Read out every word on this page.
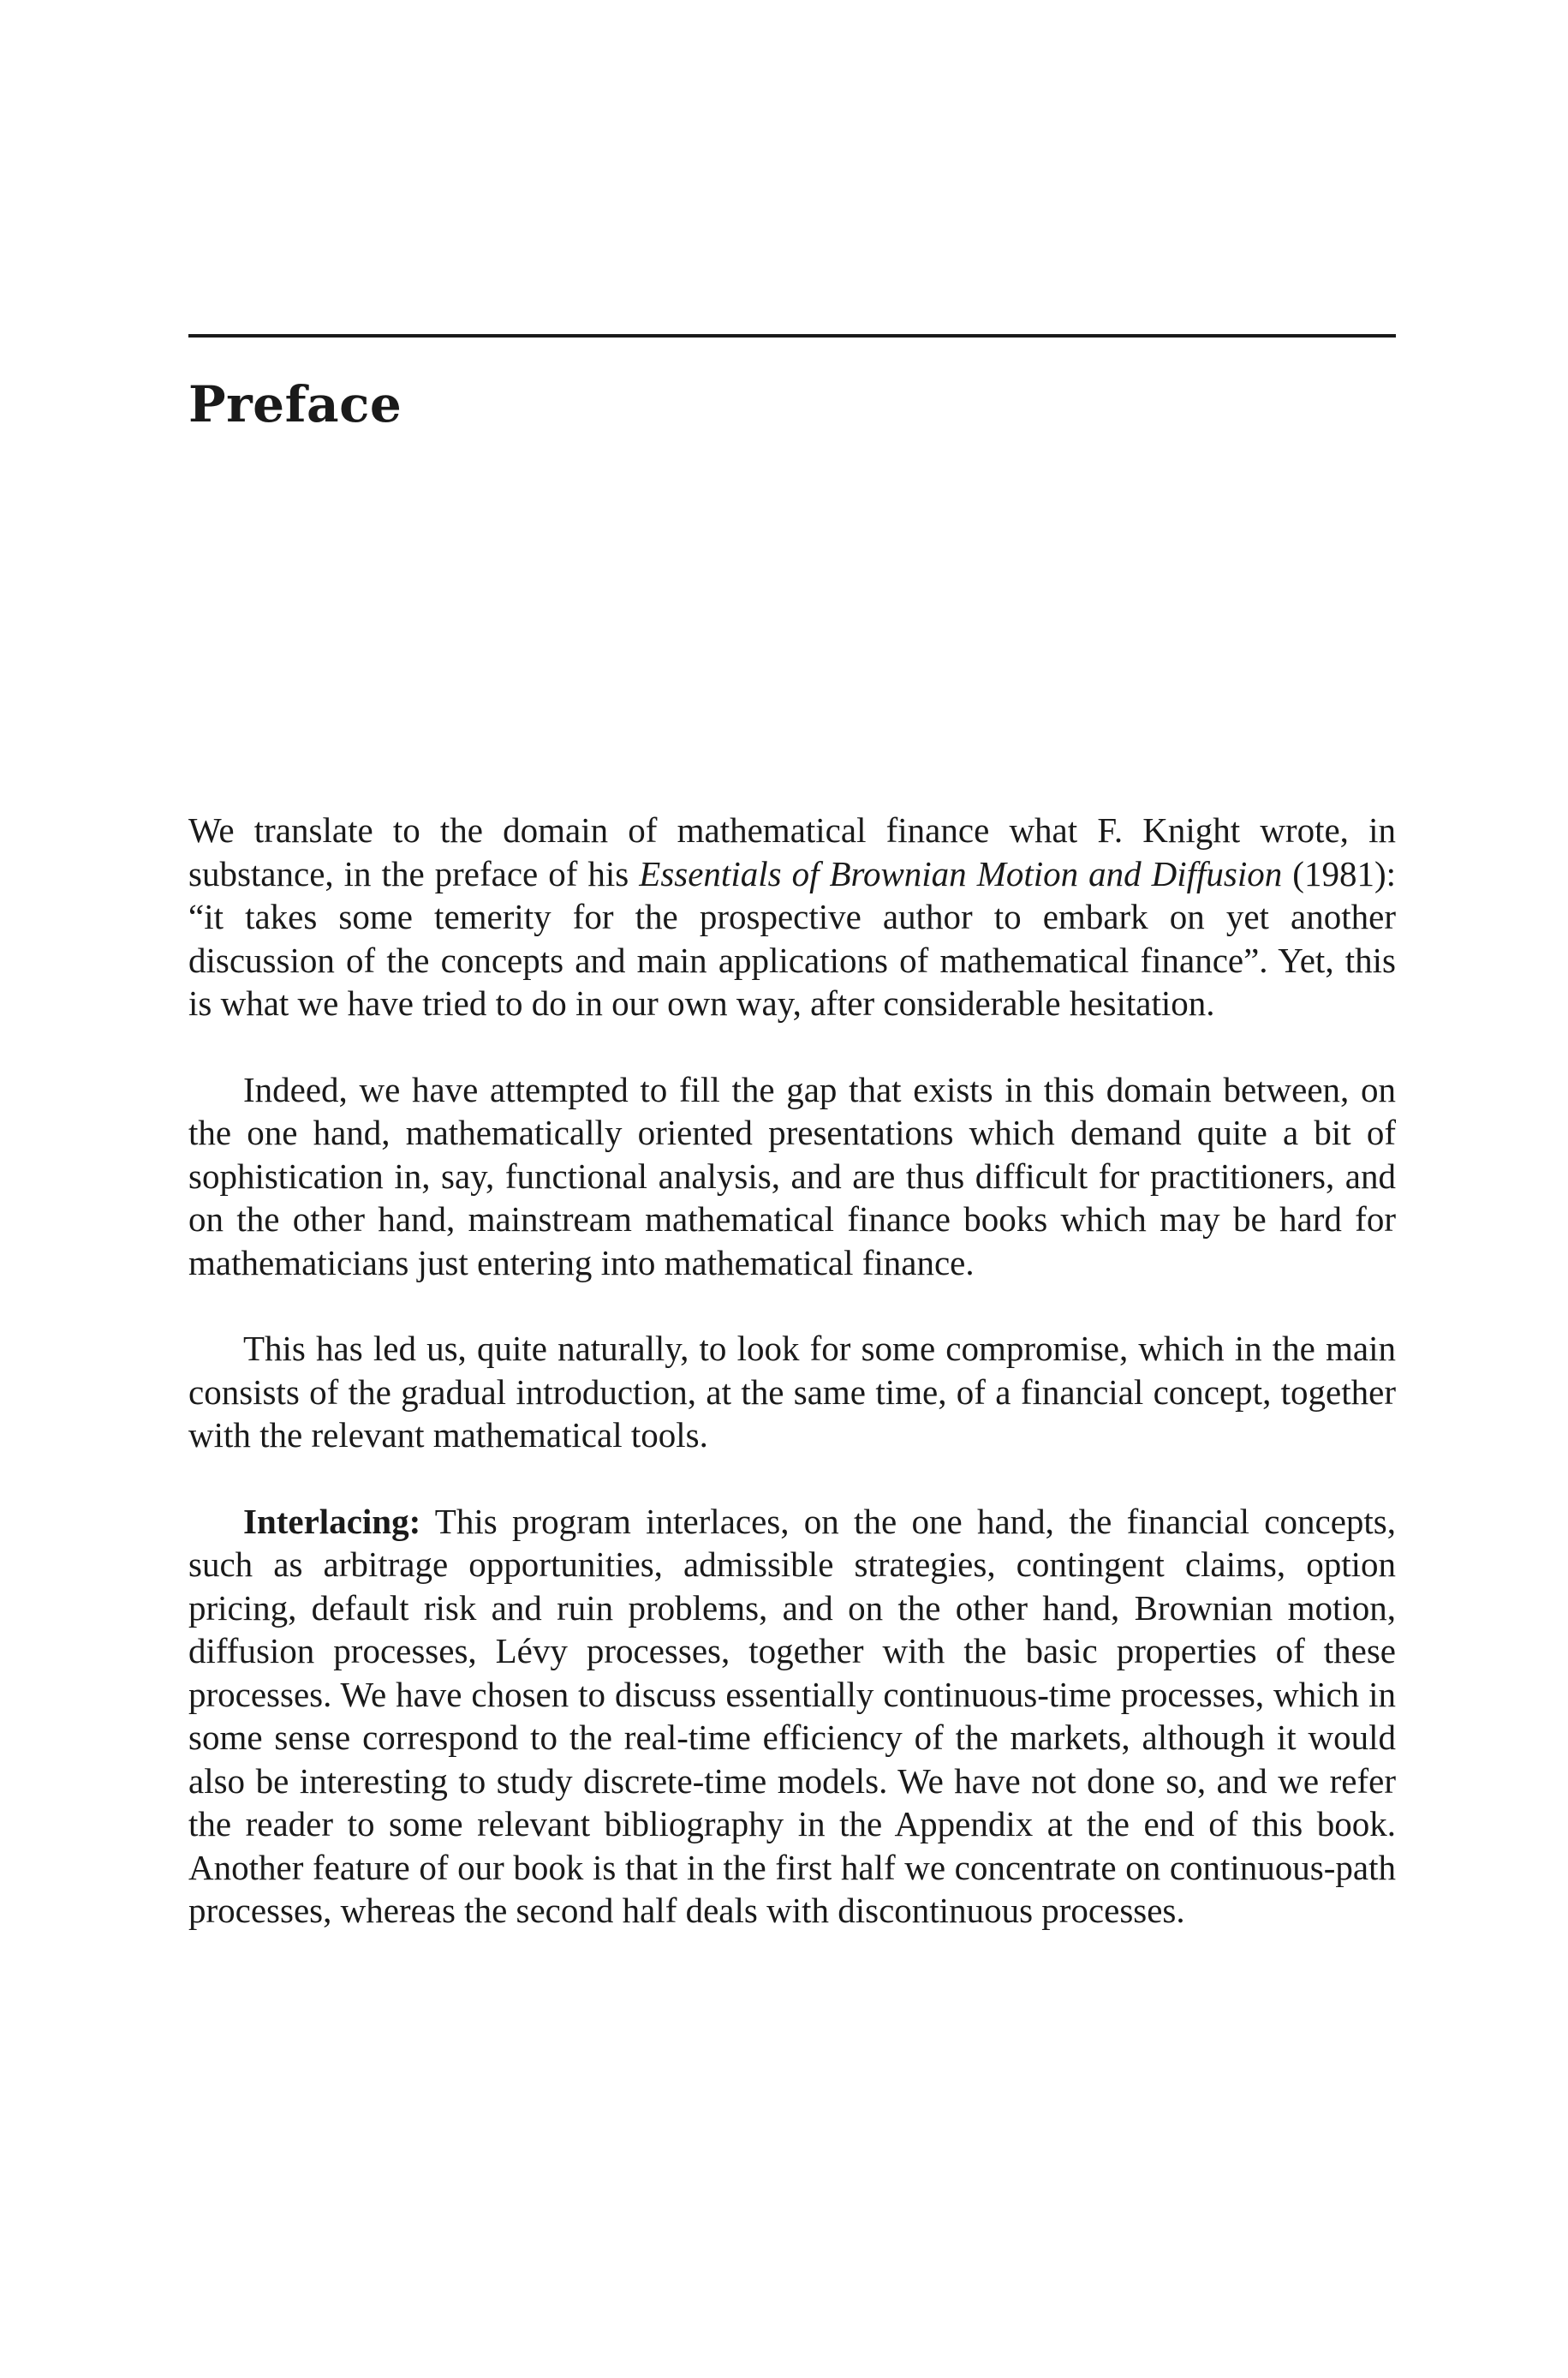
Preface

We translate to the domain of mathematical finance what F. Knight wrote, in substance, in the preface of his Essentials of Brownian Motion and Diffusion (1981): “it takes some temerity for the prospective author to embark on yet another discussion of the concepts and main applications of mathematical finance”. Yet, this is what we have tried to do in our own way, after considerable hesitation.

Indeed, we have attempted to fill the gap that exists in this domain between, on the one hand, mathematically oriented presentations which demand quite a bit of sophistication in, say, functional analysis, and are thus difficult for practitioners, and on the other hand, mainstream mathematical finance books which may be hard for mathematicians just entering into mathematical finance.

This has led us, quite naturally, to look for some compromise, which in the main consists of the gradual introduction, at the same time, of a financial concept, together with the relevant mathematical tools.

Interlacing: This program interlaces, on the one hand, the financial concepts, such as arbitrage opportunities, admissible strategies, contingent claims, option pricing, default risk and ruin problems, and on the other hand, Brownian motion, diffusion processes, Lévy processes, together with the basic properties of these processes. We have chosen to discuss essentially continuous-time processes, which in some sense correspond to the real-time efficiency of the markets, although it would also be interesting to study discrete-time models. We have not done so, and we refer the reader to some relevant bibliography in the Appendix at the end of this book. Another feature of our book is that in the first half we concentrate on continuous-path processes, whereas the second half deals with discontinuous processes.
